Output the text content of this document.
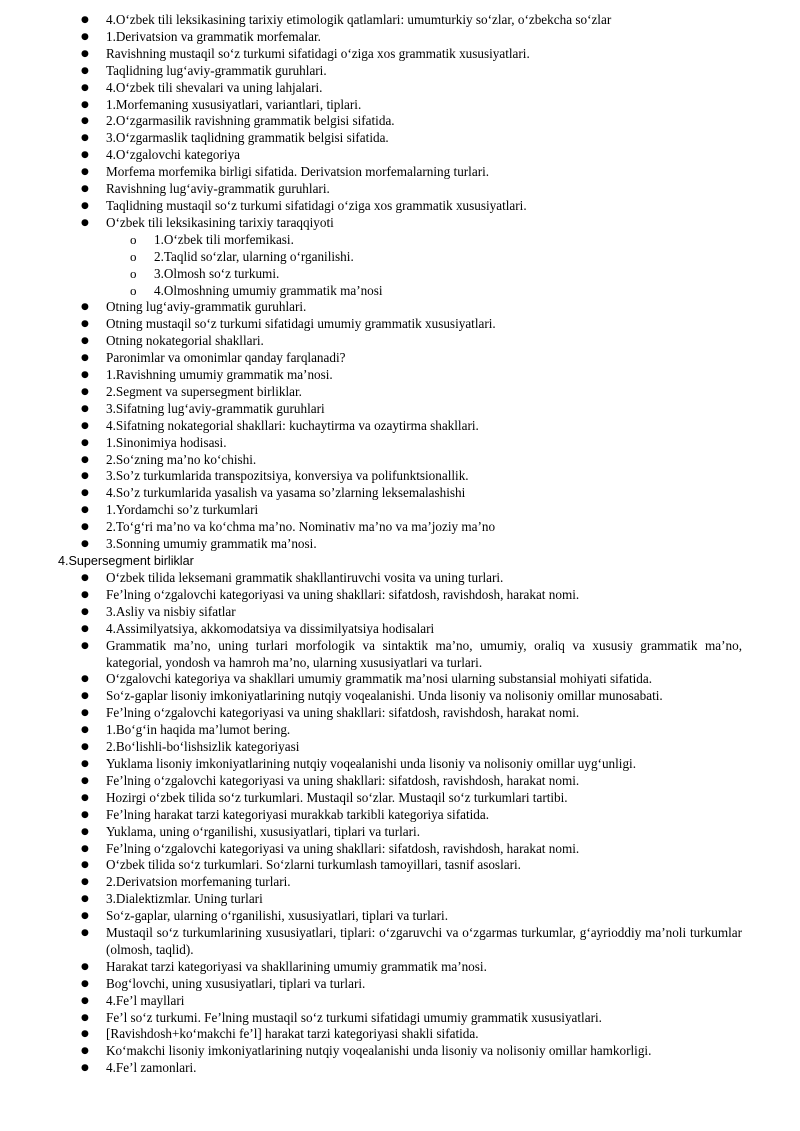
● 4.O‘zbek tili leksikasining tarixiy etimologik qatlamlari: umumturkiy so‘zlar, o‘zbekcha so‘zlar
● 1.Derivatsion va grammatik morfemalar.
● Ravishning mustaqil so‘z turkumi sifatidagi o‘ziga xos grammatik xususiyatlari.
● Taqlidning lug‘aviy-grammatik guruhlari.
● 4.O‘zbek tili shevalari va uning lahjalari.
● 1.Morfemaning xususiyatlari, variantlari, tiplari.
● 2.O‘zgarmasilik ravishning grammatik belgisi sifatida.
● 3.O‘zgarmaslik taqlidning grammatik belgisi sifatida.
● 4.O‘zgalovchi kategoriya
● Morfema morfemika birligi sifatida. Derivatsion morfemalarning turlari.
● Ravishning lug‘aviy-grammatik guruhlari.
● Taqlidning mustaqil so‘z turkumi sifatidagi o‘ziga xos grammatik xususiyatlari.
● O‘zbek tili leksikasining tarixiy taraqqiyoti
o 1.O‘zbek tili morfemikasi.
o 2.Taqlid so‘zlar, ularning o‘rganilishi.
o 3.Olmosh so‘z turkumi.
o 4.Olmoshning umumiy grammatik ma’nosi
● Otning lug‘aviy-grammatik guruhlari.
● Otning mustaqil so‘z turkumi sifatidagi umumiy grammatik xususiyatlari.
● Otning nokategorial shakllari.
● Paronimlar va omonimlar qanday farqlanadi?
● 1.Ravishning umumiy grammatik ma’nosi.
● 2.Segment va supersegment birliklar.
● 3.Sifatning lug‘aviy-grammatik guruhlari
● 4.Sifatning nokategorial shakllari: kuchaytirma va ozaytirma shakllari.
● 1.Sinonimiya hodisasi.
● 2.So‘zning ma’no ko‘chishi.
● 3.So’z turkumlarida transpozitsiya, konversiya va polifunktsionallik.
● 4.So’z turkumlarida yasalish va yasama so’zlarning leksemalashishi
● 1.Yordamchi so’z turkumlari
● 2.To‘g‘ri ma’no va ko‘chma ma’no. Nominativ ma’no va ma’joziy ma’no
● 3.Sonning umumiy grammatik ma’nosi.
4.Supersegment birliklar
● O‘zbek tilida leksemani grammatik shakllantiruvchi vosita va uning turlari.
● Fe’lning o‘zgalovchi kategoriyasi va uning shakllari: sifatdosh, ravishdosh, harakat nomi.
● 3.Asliy va nisbiy sifatlar
● 4.Assimilyatsiya, akkomodatsiya va dissimilyatsiya hodisalari
● Grammatik ma’no, uning turlari morfologik va sintaktik ma’no, umumiy, oraliq va xususiy grammatik ma’no, kategorial, yondosh va hamroh ma’no, ularning xususiyatlari va turlari.
● O‘zgalovchi kategoriya va shakllari umumiy grammatik ma’nosi ularning substansial mohiyati sifatida.
● So‘z-gaplar lisoniy imkoniyatlarining nutqiy voqealanishi. Unda lisoniy va nolisoniy omillar munosabati.
● Fe’lning o‘zgalovchi kategoriyasi va uning shakllari: sifatdosh, ravishdosh, harakat nomi.
● 1.Bo‘g‘in haqida ma’lumot bering.
● 2.Bo‘lishli-bo‘lishsizlik kategoriyasi
● Yuklama lisoniy imkoniyatlarining nutqiy voqealanishi unda lisoniy va nolisoniy omillar uyg‘unligi.
● Fe’lning o‘zgalovchi kategoriyasi va uning shakllari: sifatdosh, ravishdosh, harakat nomi.
● Hozirgi o‘zbek tilida so‘z turkumlari. Mustaqil so‘zlar. Mustaqil so‘z turkumlari tartibi.
● Fe’lning harakat tarzi kategoriyasi murakkab tarkibli kategoriya sifatida.
● Yuklama, uning o‘rganilishi, xususiyatlari, tiplari va turlari.
● Fe’lning o‘zgalovchi kategoriyasi va uning shakllari: sifatdosh, ravishdosh, harakat nomi.
● O‘zbek tilida so‘z turkumlari. So‘zlarni turkumlash tamoyillari, tasnif asoslari.
● 2.Derivatsion morfemaning turlari.
● 3.Dialektizmlar. Uning turlari
● So‘z-gaplar, ularning o‘rganilishi, xususiyatlari, tiplari va turlari.
● Mustaqil so‘z turkumlarining xususiyatlari, tiplari: o‘zgaruvchi va o‘zgarmas turkumlar, g‘ayrioddiy ma’noli turkumlar (olmosh, taqlid).
● Harakat tarzi kategoriyasi va shakllarining umumiy grammatik ma’nosi.
● Bog‘lovchi, uning xususiyatlari, tiplari va turlari.
● 4.Fe’l mayllari
● Fe’l so‘z turkumi. Fe’lning mustaqil so‘z turkumi sifatidagi umumiy grammatik xususiyatlari.
● [Ravishdosh+ko‘makchi fe’l] harakat tarzi kategoriyasi shakli sifatida.
● Ko‘makchi lisoniy imkoniyatlarining nutqiy voqealanishi unda lisoniy va nolisoniy omillar hamkorligi.
● 4.Fe’l zamonlari.
